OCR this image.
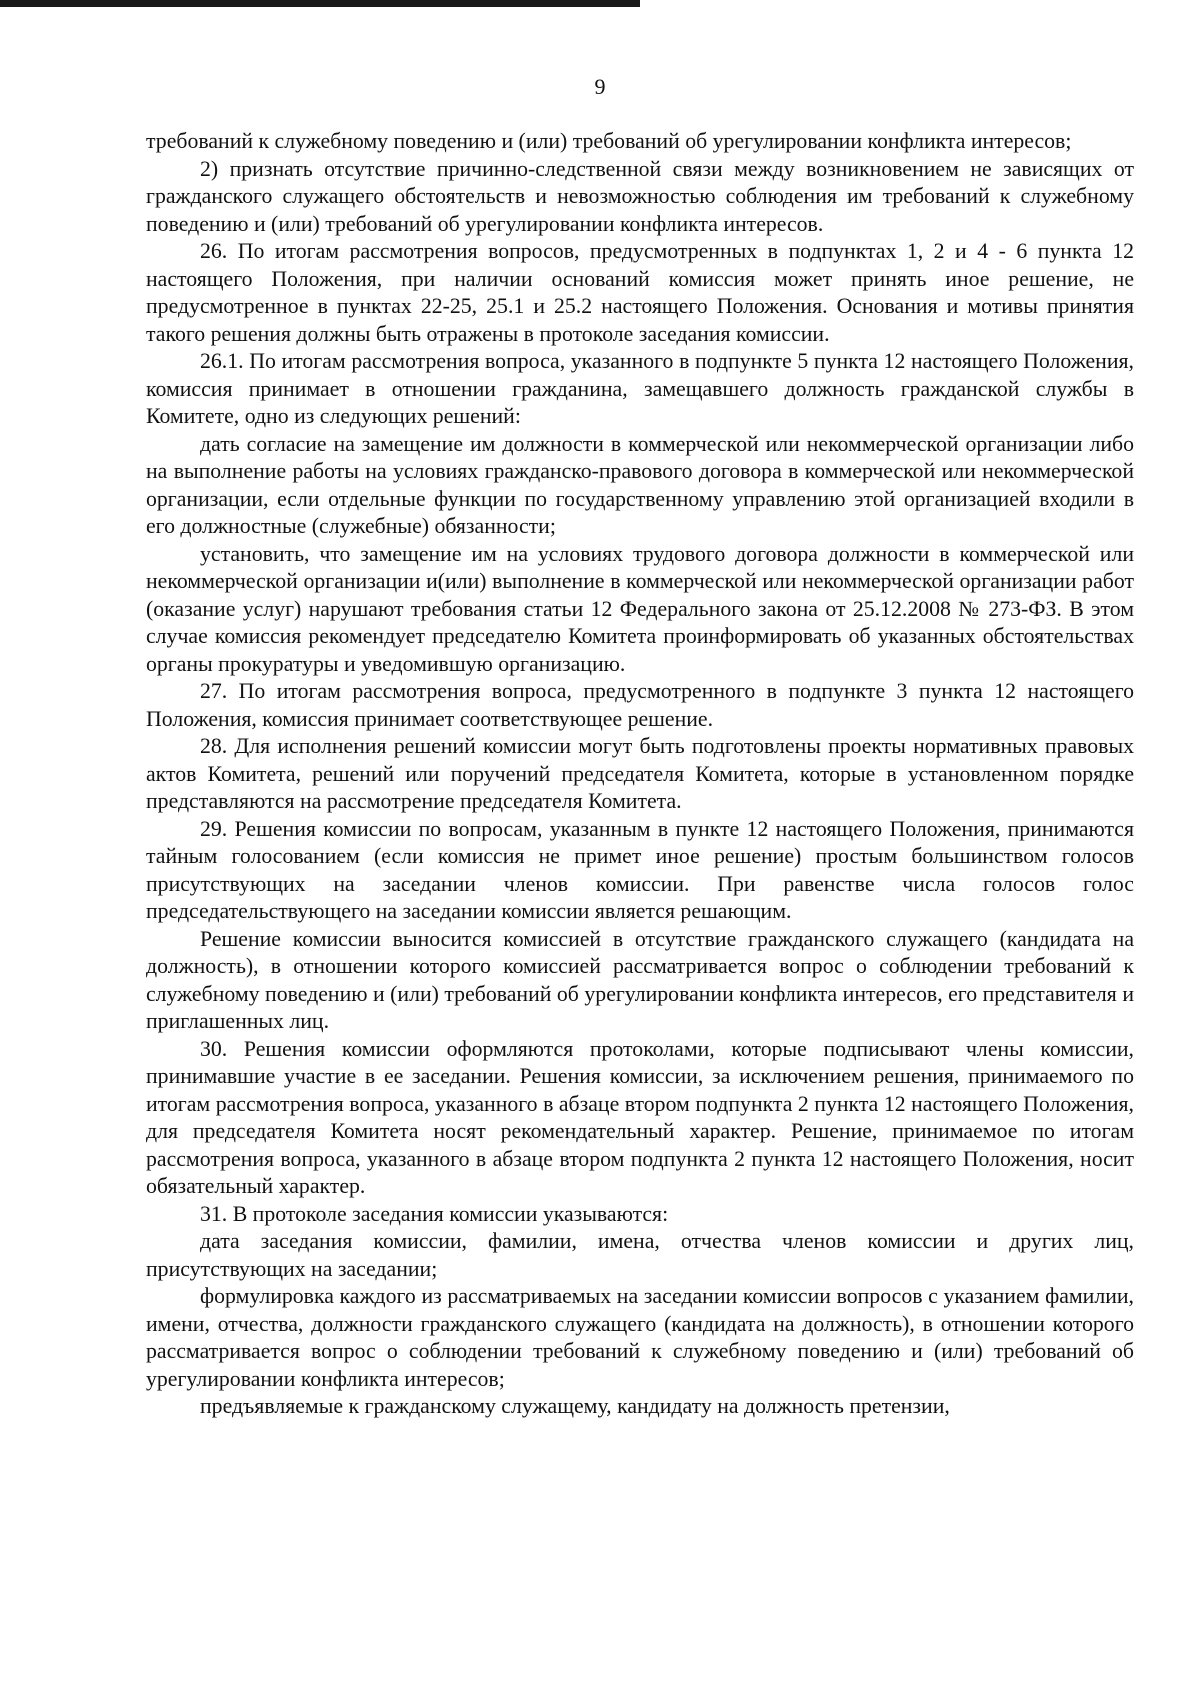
9

требований к служебному поведению и (или) требований об урегулировании конфликта интересов;

2) признать отсутствие причинно-следственной связи между возникновением не зависящих от гражданского служащего обстоятельств и невозможностью соблюдения им требований к служебному поведению и (или) требований об урегулировании конфликта интересов.

26. По итогам рассмотрения вопросов, предусмотренных в подпунктах 1, 2 и 4 - 6 пункта 12 настоящего Положения, при наличии оснований комиссия может принять иное решение, не предусмотренное в пунктах 22-25, 25.1 и 25.2 настоящего Положения. Основания и мотивы принятия такого решения должны быть отражены в протоколе заседания комиссии.

26.1. По итогам рассмотрения вопроса, указанного в подпункте 5 пункта 12 настоящего Положения, комиссия принимает в отношении гражданина, замещавшего должность гражданской службы в Комитете, одно из следующих решений:

дать согласие на замещение им должности в коммерческой или некоммерческой организации либо на выполнение работы на условиях гражданско-правового договора в коммерческой или некоммерческой организации, если отдельные функции по государственному управлению этой организацией входили в его должностные (служебные) обязанности;

установить, что замещение им на условиях трудового договора должности в коммерческой или некоммерческой организации и(или) выполнение в коммерческой или некоммерческой организации работ (оказание услуг) нарушают требования статьи 12 Федерального закона от 25.12.2008 № 273-ФЗ. В этом случае комиссия рекомендует председателю Комитета проинформировать об указанных обстоятельствах органы прокуратуры и уведомившую организацию.

27. По итогам рассмотрения вопроса, предусмотренного в подпункте 3 пункта 12 настоящего Положения, комиссия принимает соответствующее решение.

28. Для исполнения решений комиссии могут быть подготовлены проекты нормативных правовых актов Комитета, решений или поручений председателя Комитета, которые в установленном порядке представляются на рассмотрение председателя Комитета.

29. Решения комиссии по вопросам, указанным в пункте 12 настоящего Положения, принимаются тайным голосованием (если комиссия не примет иное решение) простым большинством голосов присутствующих на заседании членов комиссии. При равенстве числа голосов голос председательствующего на заседании комиссии является решающим.

Решение комиссии выносится комиссией в отсутствие гражданского служащего (кандидата на должность), в отношении которого комиссией рассматривается вопрос о соблюдении требований к служебному поведению и (или) требований об урегулировании конфликта интересов, его представителя и приглашенных лиц.

30. Решения комиссии оформляются протоколами, которые подписывают члены комиссии, принимавшие участие в ее заседании. Решения комиссии, за исключением решения, принимаемого по итогам рассмотрения вопроса, указанного в абзаце втором подпункта 2 пункта 12 настоящего Положения, для председателя Комитета носят рекомендательный характер. Решение, принимаемое по итогам рассмотрения вопроса, указанного в абзаце втором подпункта 2 пункта 12 настоящего Положения, носит обязательный характер.

31. В протоколе заседания комиссии указываются:

дата заседания комиссии, фамилии, имена, отчества членов комиссии и других лиц, присутствующих на заседании;

формулировка каждого из рассматриваемых на заседании комиссии вопросов с указанием фамилии, имени, отчества, должности гражданского служащего (кандидата на должность), в отношении которого рассматривается вопрос о соблюдении требований к служебному поведению и (или) требований об урегулировании конфликта интересов;

предъявляемые к гражданскому служащему, кандидату на должность претензии,
